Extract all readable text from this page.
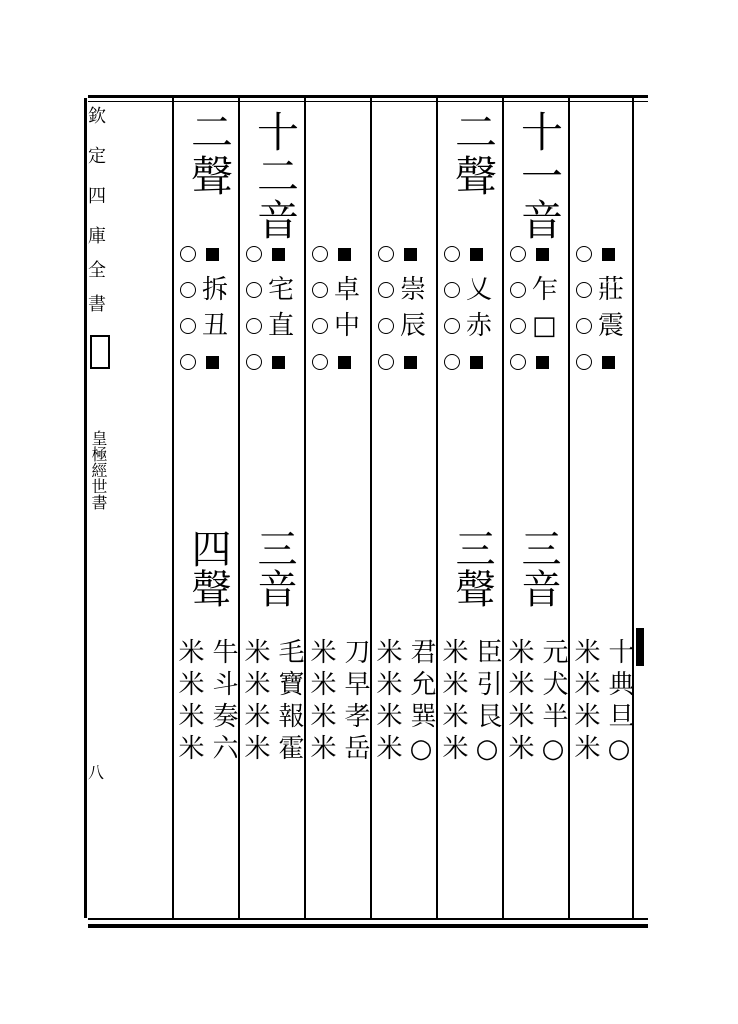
欽
定
四
庫
全
書
皇極經世書
八
莊
震
米米米米 十典旦○
十一音
乍
□
三音
米米米米 元犬半○
二聲
乂
赤
三聲
米米米米 臣引艮○
崇
辰
米米米米 君允巽○
卓
中
米米米米 刀早孝岳
十二音
宅
直
三音
米米米米 毛寶報霍
二聲
拆
丑
四聲
米米米米 牛斗奏六
